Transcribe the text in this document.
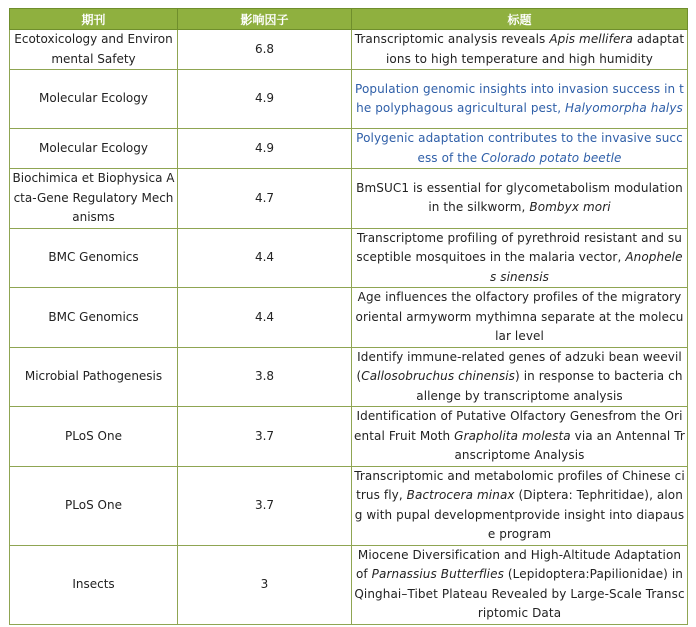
期刊	影响因子	标题
Ecotoxicology and Environmental Safety	6.8	Transcriptomic analysis reveals Apis mellifera adaptations to high temperature and high humidity
Molecular Ecology	4.9	Population genomic insights into invasion success in the polyphagous agricultural pest, Halyomorpha halys
Molecular Ecology	4.9	Polygenic adaptation contributes to the invasive success of the Colorado potato beetle
Biochimica et Biophysica Acta-Gene Regulatory Mechanisms	4.7	BmSUC1 is essential for glycometabolism modulation in the silkworm, Bombyx mori
BMC Genomics	4.4	Transcriptome profiling of pyrethroid resistant and susceptible mosquitoes in the malaria vector, Anopheles sinensis
BMC Genomics	4.4	Age influences the olfactory profiles of the migratory oriental armyworm mythimna separate at the molecular level
Microbial Pathogenesis	3.8	Identify immune-related genes of adzuki bean weevil (Callosobruchus chinensis) in response to bacteria challenge by transcriptome analysis
PLoS One	3.7	Identification of Putative Olfactory Genesfrom the Oriental Fruit Moth Grapholita molesta via an Antennal Transcriptome Analysis
PLoS One	3.7	Transcriptomic and metabolomic profiles of Chinese citrus fly, Bactrocera minax (Diptera: Tephritidae), along with pupal developmentprovide insight into diapause program
Insects	3	Miocene Diversification and High-Altitude Adaptation of Parnassius Butterflies (Lepidoptera:Papilionidae) in Qinghai–Tibet Plateau Revealed by Large-Scale Transcriptomic Data
